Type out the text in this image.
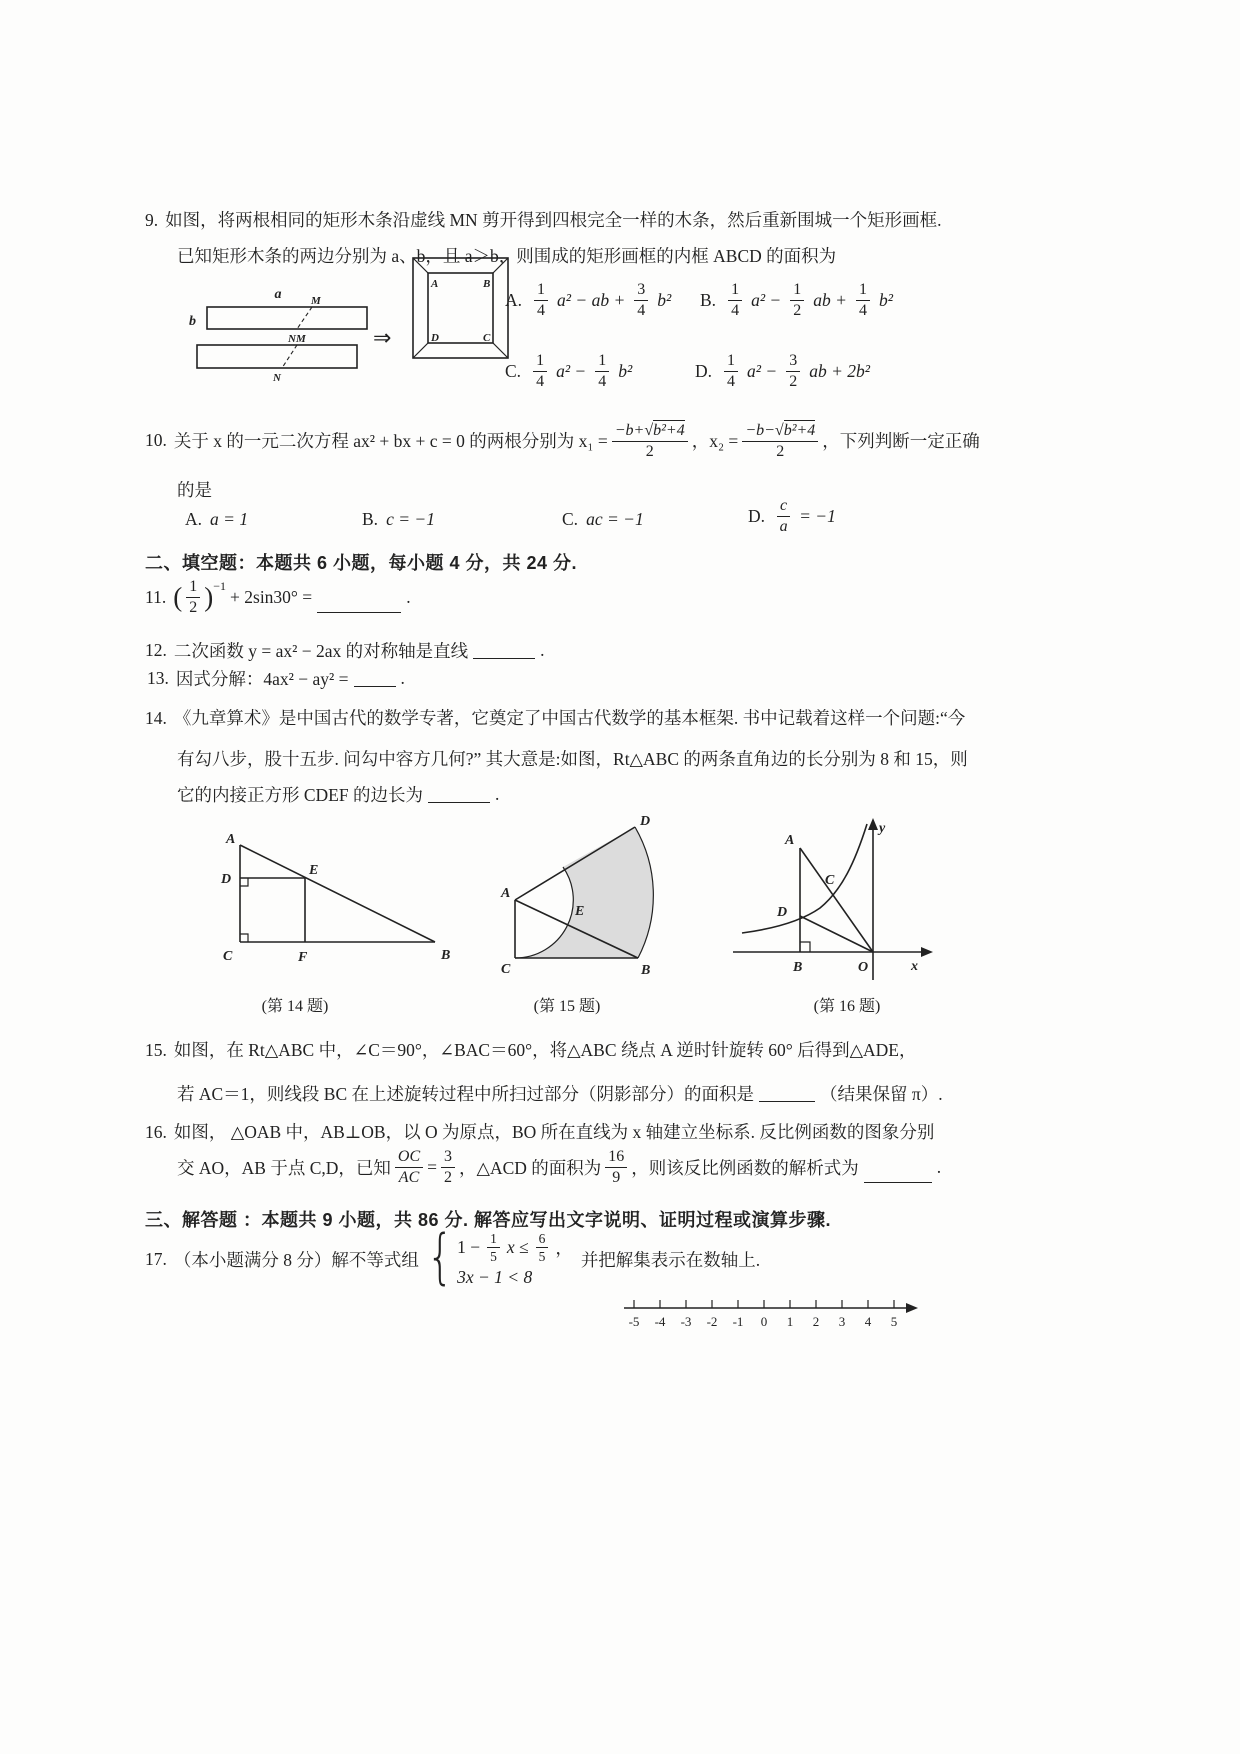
9. 如图，将两根相同的矩形木条沿虚线 MN 剪开得到四根完全一样的木条，然后重新围城一个矩形画框.
已知矩形木条的两边分别为 a、b，且 a＞b，则围成的矩形画框的内框 ABCD 的面积为
a
b
M
N M
N
⇒
A	B
D	C
A. $\frac{1}{4} a^2$ − ab + $\frac{3}{4} b^2$ B. $\frac{1}{4} a^2 - \frac{1}{2}$ ab + $\frac{1}{4} b^2$
C. $\frac{1}{4} a^2 - \frac{1}{4} b^2$	D. $\frac{1}{4} a^2 - \frac{3}{2}$ ab + 2b²
10. 关于 x 的一元二次方程 ax² + bx + c = 0 的两根分别为 $x_1 = \frac{\text{−b+√ b²+4}}{2}$ ，$x_2 = \frac{\text{−b−√ b²+4}}{2}$ ，下列判断一定正确
的是
A. a = 1	B. c = −1	C. ac = −1	D. $\frac{c}{a} = -1$
二、填空题：本题共 6 小题，每小题 4 分，共 24 分.
11. ( $\frac{1}{2}$ ) −1
+ 2sin30° =	.
12. 二次函数 y = ax² − 2ax 的对称轴是直线	.
13. 因式分解：4ax² − ay² =	.
14. 《九章算术》是中国古代的数学专著，它奠定了中国古代数学的基本框架. 书中记载着这样一个问题:“今
有勾八步，股十五步. 问勾中容方几何?” 其大意是:如图，Rt△ABC 的两条直角边的长分别为 8 和 15，则
它的内接正方形 CDEF 的边长为	.
A
D
E
C	F	B
(第 14 题)
A
D
E
C	B
(第 15 题)
A
C
D
B	O	x
y
(第 16 题)
15. 如图，在 Rt△ABC 中，∠C＝90°，∠BAC＝60°，将△ABC 绕点 A 逆时针旋转 60° 后得到△ADE，
若 AC＝1，则线段 BC 在上述旋转过程中所扫过部分（阴影部分）的面积是	（结果保留 π）.
16. 如图， △OAB 中，AB⊥OB，以 O 为原点，BO 所在直线为 x 轴建立坐标系. 反比例函数的图象分别
交 AO，AB 于点 C,D，已知 $\frac{OC}{AC} = \frac{3}{2}$ ，△ACD 的面积为 $\frac{16}{9}$ ，则该反比例函数的解析式为	.
三、解答题 ：本题共 9 小题，共 86 分. 解答应写出文字说明、证明过程或演算步骤.
17. （本小题满分 8 分）解不等式组 { $1 - \frac{1}{5}$ $x \le \frac{6}{5}$ ，
3x − 1 < 8
并把解集表示在数轴上.
-5 -4 -3 -2 -1 0 1 2 3 4 5
